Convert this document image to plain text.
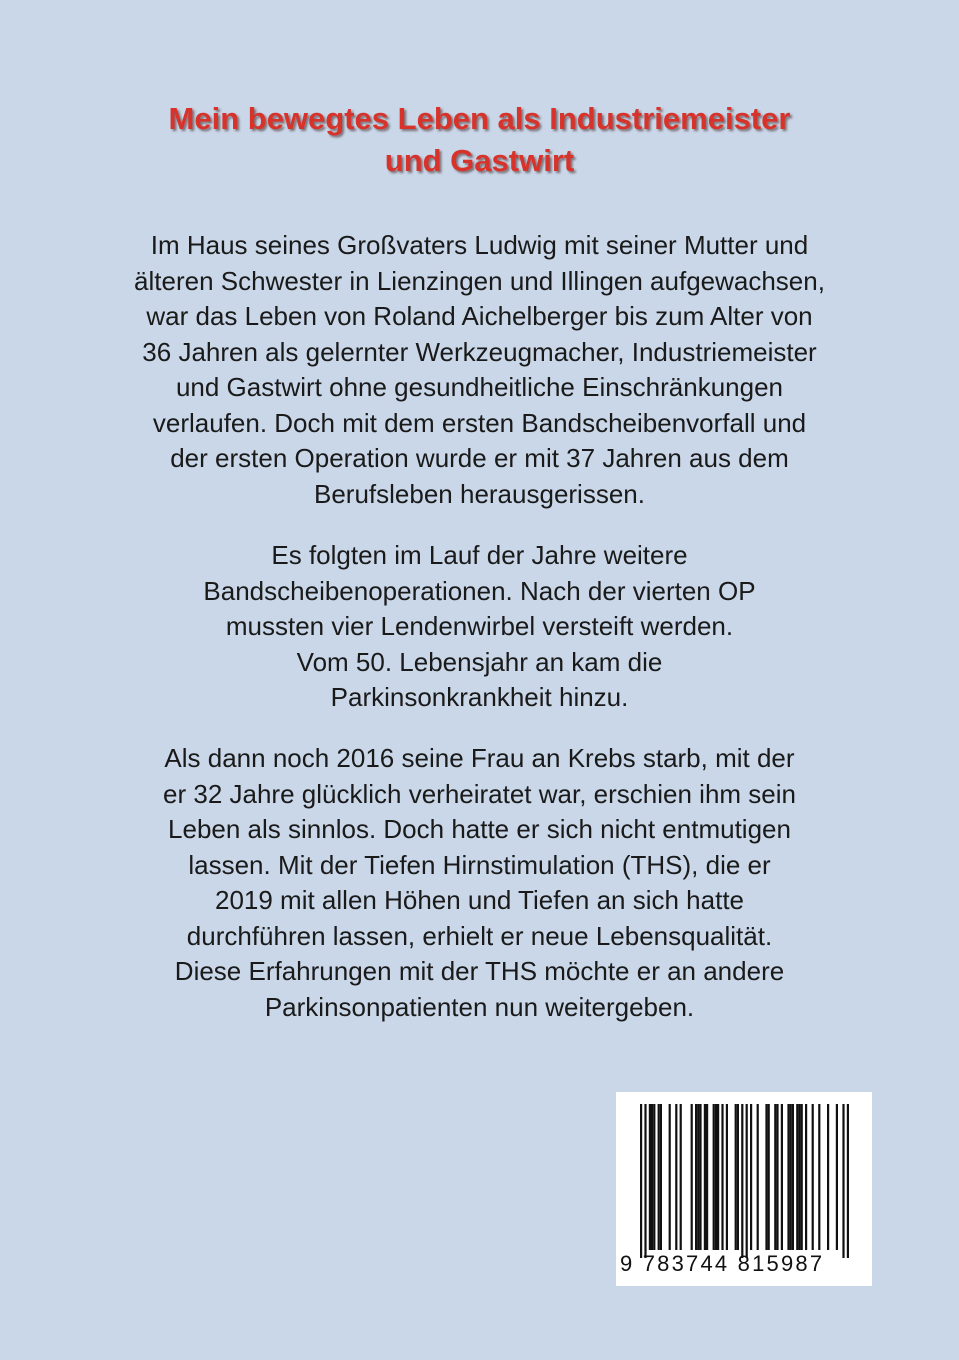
Mein bewegtes Leben als Industriemeister
und Gastwirt
Im Haus seines Großvaters Ludwig mit seiner Mutter und
älteren Schwester in Lienzingen und Illingen aufgewachsen,
war das Leben von Roland Aichelberger bis zum Alter von
36 Jahren als gelernter Werkzeugmacher, Industriemeister
und Gastwirt ohne gesundheitliche Einschränkungen
verlaufen. Doch mit dem ersten Bandscheibenvorfall und
der ersten Operation wurde er mit 37 Jahren aus dem
Berufsleben herausgerissen.
Es folgten im Lauf der Jahre weitere
Bandscheibenoperationen. Nach der vierten OP
mussten vier Lendenwirbel versteift werden.
Vom 50. Lebensjahr an kam die
Parkinsonkrankheit hinzu.
Als dann noch 2016 seine Frau an Krebs starb, mit der
er 32 Jahre glücklich verheiratet war, erschien ihm sein
Leben als sinnlos. Doch hatte er sich nicht entmutigen
lassen. Mit der Tiefen Hirnstimulation (THS), die er
2019 mit allen Höhen und Tiefen an sich hatte
durchführen lassen, erhielt er neue Lebensqualität.
Diese Erfahrungen mit der THS möchte er an andere
Parkinsonpatienten nun weitergeben.
9 783744 815987
